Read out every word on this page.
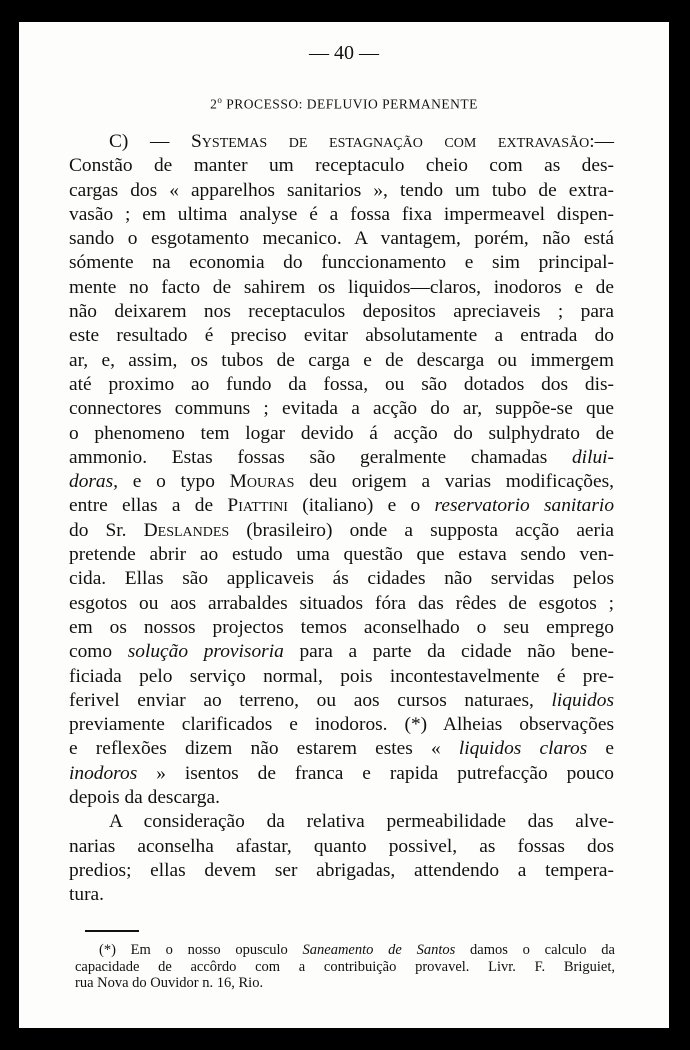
— 40 —
2$^o$ PROCESSO: DEFLUVIO PERMANENTE
C) — Systemas de estagnação com extravasão:—
Constão de manter um receptaculo cheio com as des-
cargas dos « apparelhos sanitarios », tendo um tubo de extra-
vasão ; em ultima analyse é a fossa fixa impermeavel dispen-
sando o esgotamento mecanico. A vantagem, porém, não está
sómente na economia do funccionamento e sim principal-
mente no facto de sahirem os liquidos—claros, inodoros e de
não deixarem nos receptaculos depositos apreciaveis ; para
este resultado é preciso evitar absolutamente a entrada do
ar, e, assim, os tubos de carga e de descarga ou immergem
até proximo ao fundo da fossa, ou são dotados dos dis-
connectores communs ; evitada a acção do ar, suppõe-se que
o phenomeno tem logar devido á acção do sulphydrato de
ammonio. Estas fossas são geralmente chamadas dilui-
doras, e o typo Mouras deu origem a varias modificações,
entre ellas a de Piattini (italiano) e o reservatorio sanitario
do Sr. Deslandes (brasileiro) onde a supposta acção aeria
pretende abrir ao estudo uma questão que estava sendo ven-
cida. Ellas são applicaveis ás cidades não servidas pelos
esgotos ou aos arrabaldes situados fóra das rêdes de esgotos ;
em os nossos projectos temos aconselhado o seu emprego
como solução provisoria para a parte da cidade não bene-
ficiada pelo serviço normal, pois incontestavelmente é pre-
ferivel enviar ao terreno, ou aos cursos naturaes, liquidos
previamente clarificados e inodoros. (*) Alheias observações
e reflexões dizem não estarem estes « liquidos claros e
inodoros » isentos de franca e rapida putrefacção pouco
depois da descarga.
A consideração da relativa permeabilidade das alve-
narias aconselha afastar, quanto possivel, as fossas dos
predios; ellas devem ser abrigadas, attendendo a tempera-
tura.
(*) Em o nosso opusculo Saneamento de Santos damos o calculo da
capacidade de accôrdo com a contribuição provavel. Livr. F. Briguiet,
rua Nova do Ouvidor n. 16, Rio.
